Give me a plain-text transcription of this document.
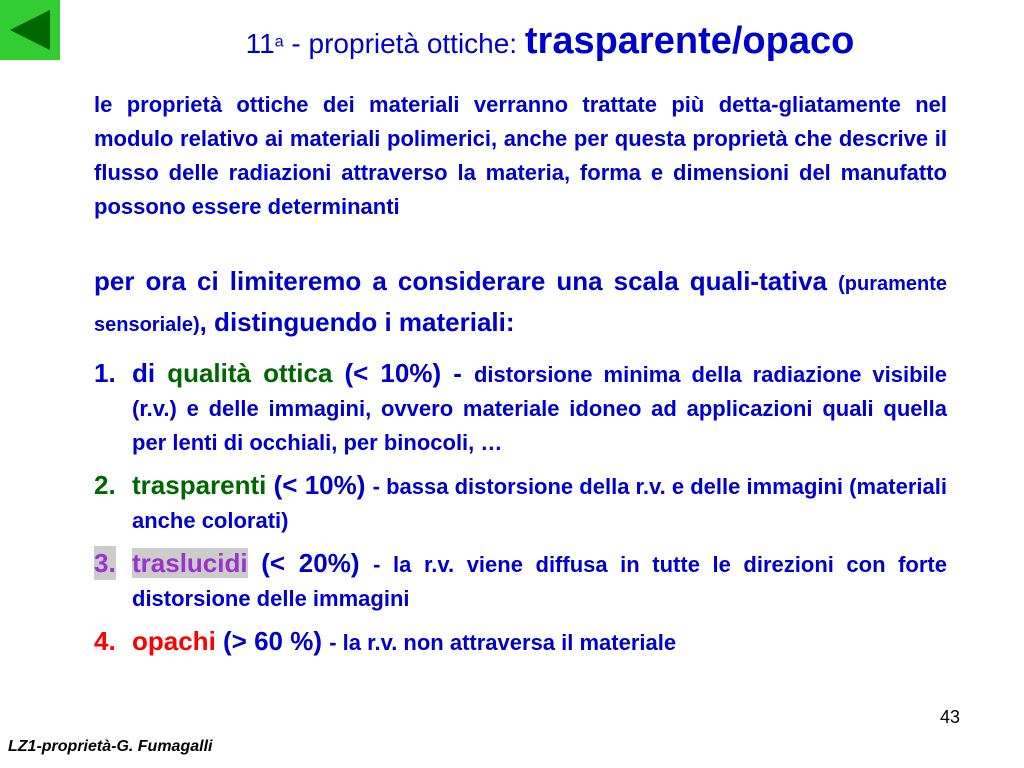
11a - proprietà ottiche: trasparente/opaco

le proprietà ottiche dei materiali verranno trattate più detta-gliatamente nel modulo relativo ai materiali polimerici, anche per questa proprietà che descrive il flusso delle radiazioni attraverso la materia, forma e dimensioni del manufatto possono essere determinanti

per ora ci limiteremo a considerare una scala quali-tativa (puramente sensoriale), distinguendo i materiali:

1. di qualità ottica (< 10%) - distorsione minima della radiazione visibile (r.v.) e delle immagini, ovvero materiale idoneo ad applicazioni quali quella per lenti di occhiali, per binocoli, …
2. trasparenti (< 10%) - bassa distorsione della r.v. e delle immagini (materiali anche colorati)
3. traslucidi (< 20%) - la r.v. viene diffusa in tutte le direzioni con forte distorsione delle immagini
4. opachi (> 60 %) - la r.v. non attraversa il materiale
43
LZ1-proprietà-G. Fumagalli
